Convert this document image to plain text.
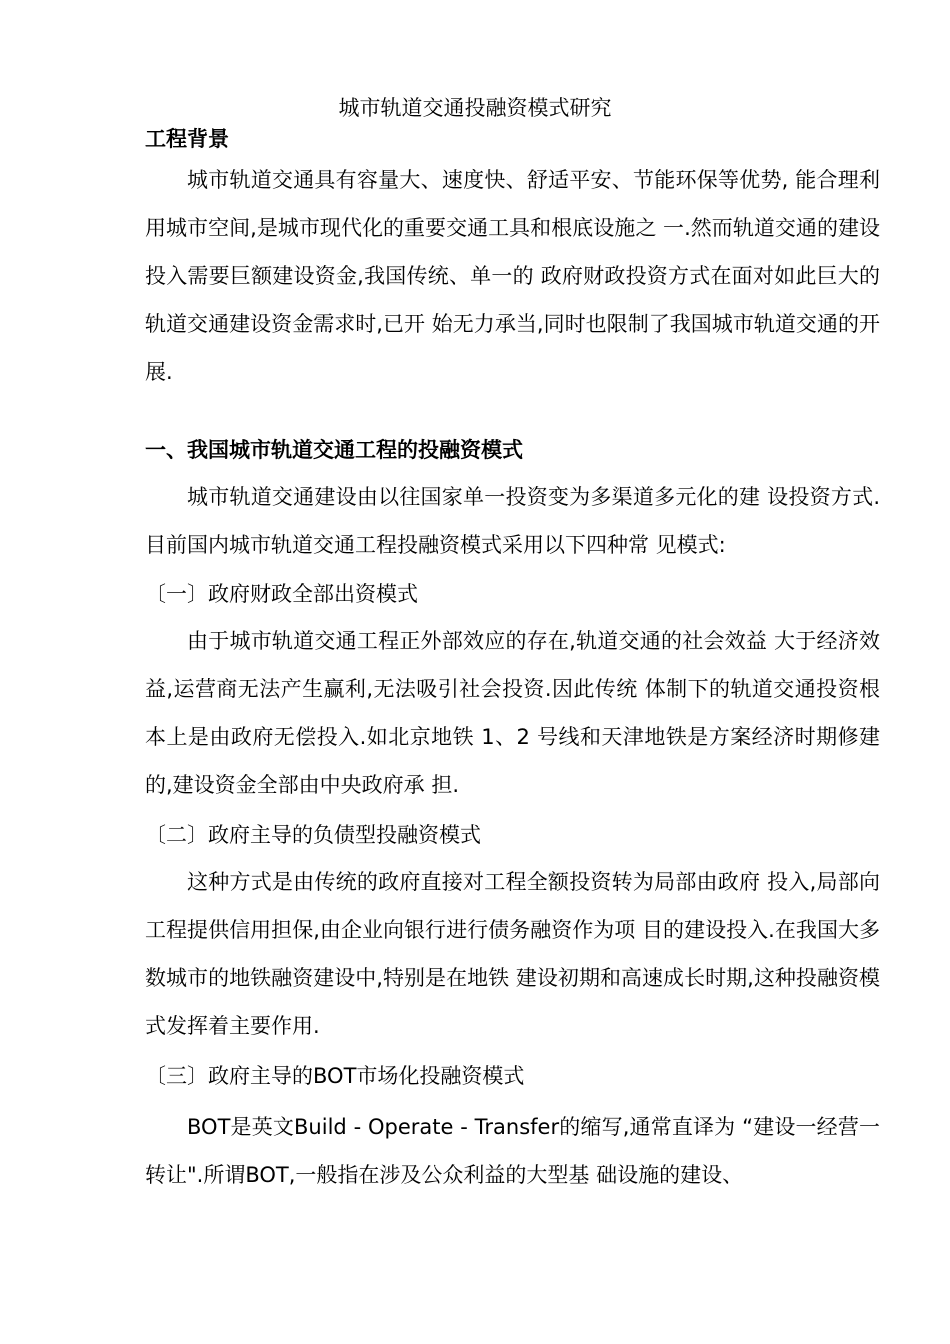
城市轨道交通投融资模式研究
工程背景

城市轨道交通具有容量大、速度快、舒适平安、节能环保等优势, 能合理利用城市空间,是城市现代化的重要交通工具和根底设施之 一.然而轨道交通的建设投入需要巨额建设资金,我国传统、单一的 政府财政投资方式在面对如此巨大的轨道交通建设资金需求时,已开 始无力承当,同时也限制了我国城市轨道交通的开展.

一、我国城市轨道交通工程的投融资模式

城市轨道交通建设由以往国家单一投资变为多渠道多元化的建 设投资方式.目前国内城市轨道交通工程投融资模式采用以下四种常 见模式:

〔一〕政府财政全部出资模式

由于城市轨道交通工程正外部效应的存在,轨道交通的社会效益 大于经济效益,运营商无法产生赢利,无法吸引社会投资.因此传统 体制下的轨道交通投资根本上是由政府无偿投入.如北京地铁 1、2 号线和天津地铁是方案经济时期修建的,建设资金全部由中央政府承 担.

〔二〕政府主导的负债型投融资模式

这种方式是由传统的政府直接对工程全额投资转为局部由政府 投入,局部向工程提供信用担保,由企业向银行进行债务融资作为项 目的建设投入.在我国大多数城市的地铁融资建设中,特别是在地铁 建设初期和高速成长时期,这种投融资模式发挥着主要作用.

〔三〕政府主导的BOT市场化投融资模式

BOT是英文Build - Operate - Transfer的缩写,通常直译为 “建设一经营一转让".所谓BOT,一般指在涉及公众利益的大型基 础设施的建设、
